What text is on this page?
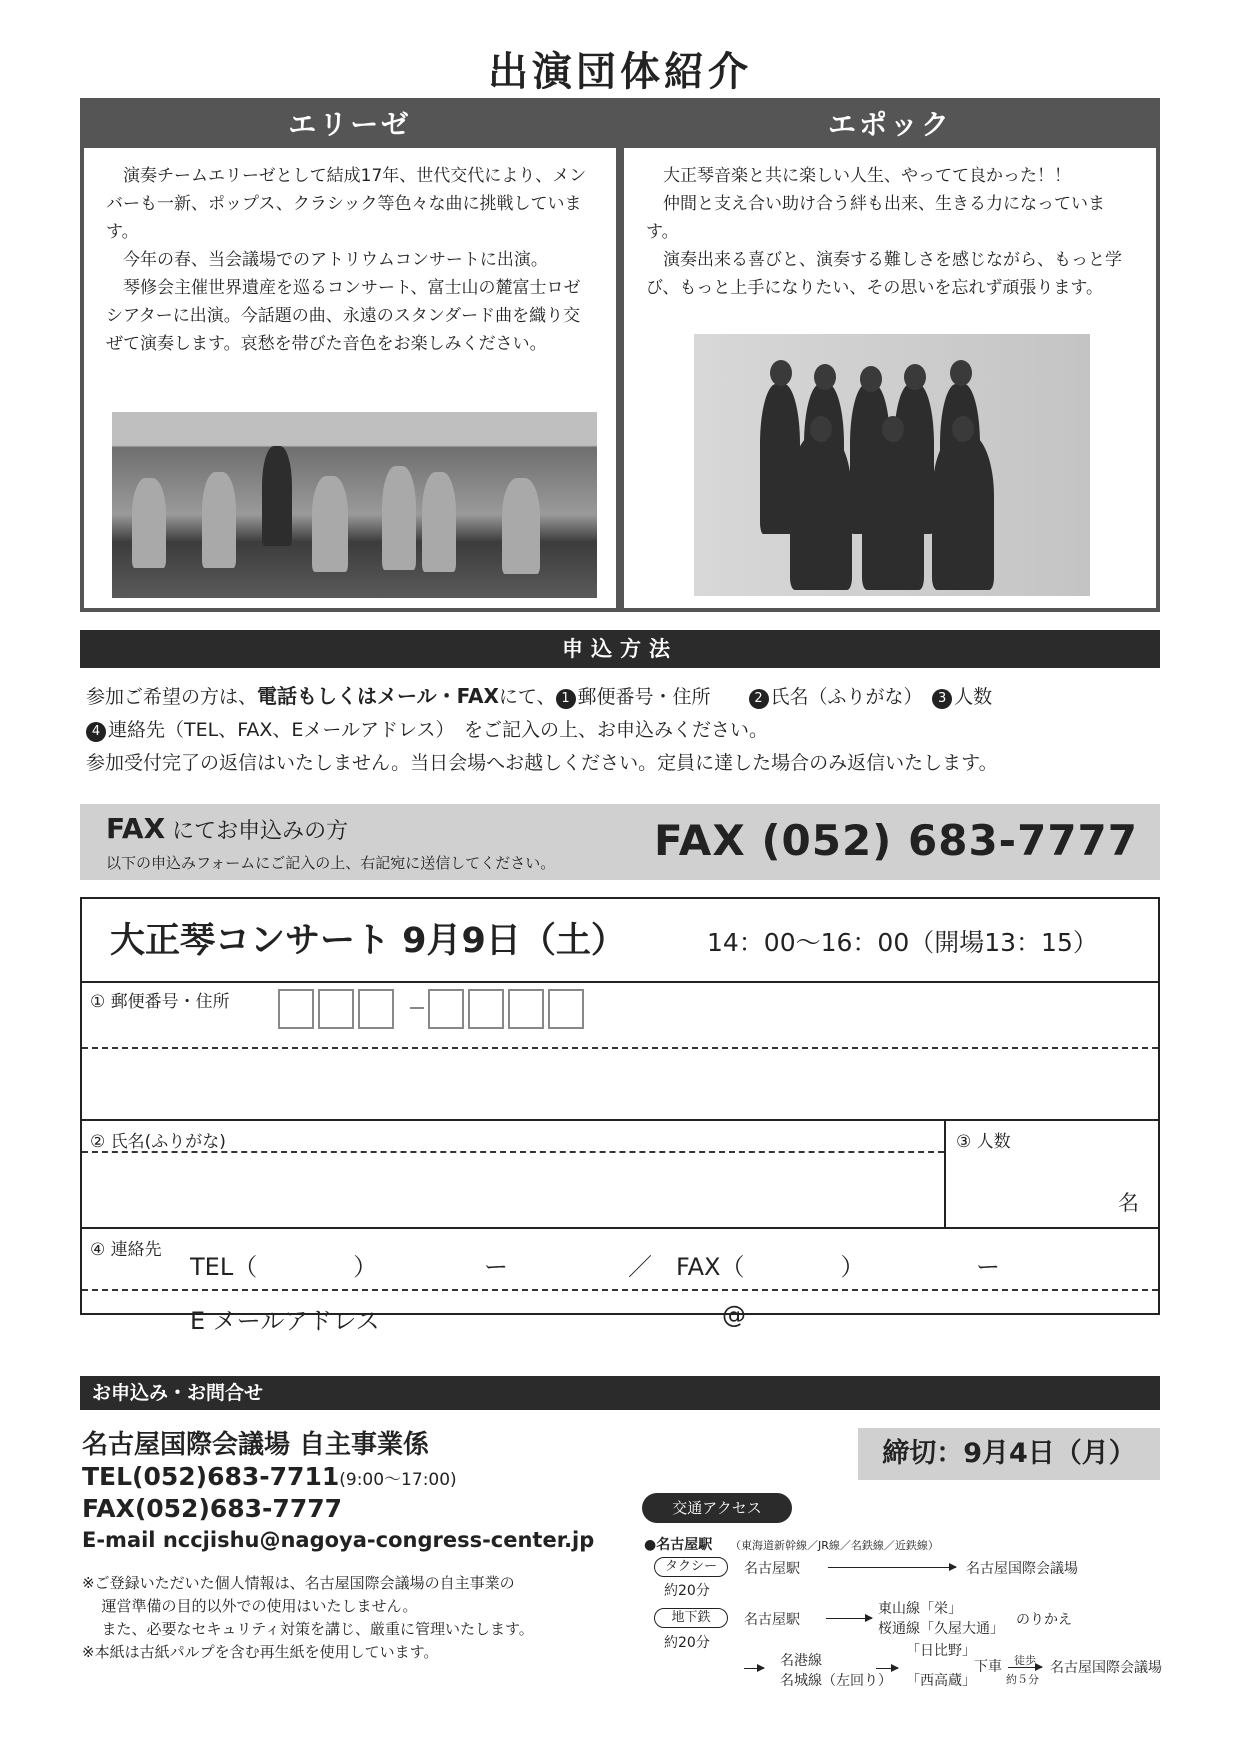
出演団体紹介
エリーゼ

演奏チームエリーゼとして結成17年、世代交代により、メンバーも一新、ポップス、クラシック等色々な曲に挑戦しています。

今年の春、当会議場でのアトリウムコンサートに出演。

琴修会主催世界遺産を巡るコンサート、富士山の麓富士ロゼシアターに出演。今話題の曲、永遠のスタンダード曲を織り交ぜて演奏します。哀愁を帯びた音色をお楽しみください。

エポック

大正琴音楽と共に楽しい人生、やってて良かった！！

仲間と支え合い助け合う絆も出来、生きる力になっています。

演奏出来る喜びと、演奏する難しさを感じながら、もっと学び、もっと上手になりたい、その思いを忘れず頑張ります。

申込方法
参加ご希望の方は、電話もしくはメール・FAXにて、 1 郵便番号・住所　　	2 氏名（ふりがな）　 3 人数
4 連絡先（TEL、FAX、Eメールアドレス）　をご記入の上、お申込みください。
参加受付完了の返信はいたしません。当日会場へお越しください。定員に達した場合のみ返信いたします。
FAX にてお申込みの方
以下の申込みフォームにご記入の上、右記宛に送信してください。 FAX (052) 683-7777
大正琴コンサート 9月9日（土）	14：00～16：00（開場13：15）
① 郵便番号・住所
② 氏名(ふりがな)	③ 人数
名
④ 連絡先
TEL（　　　　）	ー	／ FAX（　　　　）	ー
E メールアドレス	@
お申込み・お問合せ
名古屋国際会議場 自主事業係
TEL(052)683-7711(9:00～17:00)
FAX(052)683-7777
E-mail nccjishu@nagoya-congress-center.jp
※ご登録いただいた個人情報は、名古屋国際会議場の自主事業の
運営準備の目的以外での使用はいたしません。
また、必要なセキュリティ対策を講じ、厳重に管理いたします。
※本紙は古紙パルプを含む再生紙を使用しています。
締切：9月4日（月）
交通アクセス
●名古屋駅 （東海道新幹線／JR線／名鉄線／近鉄線）
タクシー
約20分
名古屋駅	名古屋国際会議場
地下鉄
約20分
名古屋駅
東山線「栄」
桜通線「久屋大通」
のりかえ
名港線
名城線（左回り）
「日比野」
「西高蔵」
下車 徒歩
約５分
名古屋国際会議場
